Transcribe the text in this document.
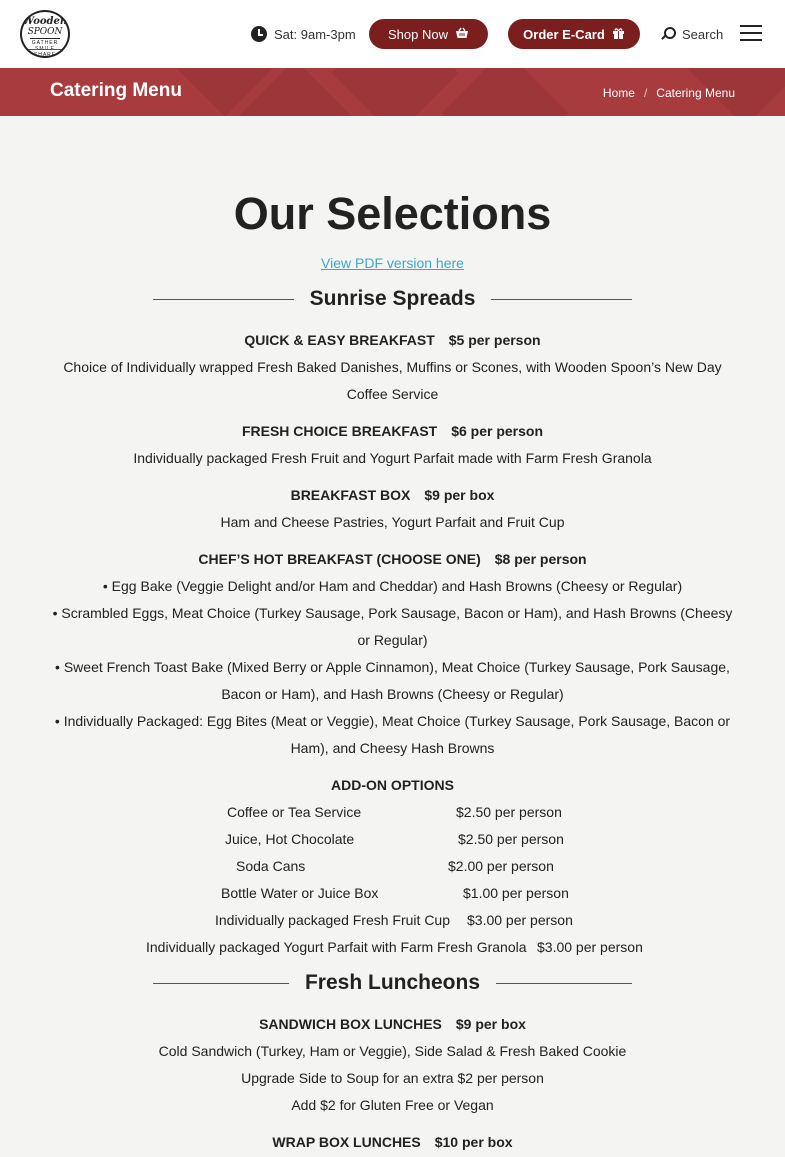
Wooden
SPOON
GATHER SHARE
Sat: 9am-3pm Shop Now	Order E-Card	Search
Catering Menu	Home / Catering Menu
Our Selections
View PDF version here
Sunrise Spreads
QUICK & EASY BREAKFAST $5 per person
Choice of Individually wrapped Fresh Baked Danishes, Muffins or Scones, with Wooden Spoon’s New Day Coffee Service
FRESH CHOICE BREAKFAST $6 per person
Individually packaged Fresh Fruit and Yogurt Parfait made with Farm Fresh Granola
BREAKFAST BOX $9 per box
Ham and Cheese Pastries, Yogurt Parfait and Fruit Cup
CHEF’S HOT BREAKFAST (CHOOSE ONE) $8 per person
• Egg Bake (Veggie Delight and/or Ham and Cheddar) and Hash Browns (Cheesy or Regular)
• Scrambled Eggs, Meat Choice (Turkey Sausage, Pork Sausage, Bacon or Ham), and Hash Browns (Cheesy or Regular)
• Sweet French Toast Bake (Mixed Berry or Apple Cinnamon), Meat Choice (Turkey Sausage, Pork Sausage, Bacon or Ham), and Hash Browns (Cheesy or Regular)
• Individually Packaged: Egg Bites (Meat or Veggie), Meat Choice (Turkey Sausage, Pork Sausage, Bacon or Ham), and Cheesy Hash Browns
ADD-ON OPTIONS
Coffee or Tea Service	$2.50 per person
Juice, Hot Chocolate	$2.50 per person
Soda Cans	$2.00 per person
Bottle Water or Juice Box	$1.00 per person
Individually packaged Fresh Fruit Cup $3.00 per person
Individually packaged Yogurt Parfait with Farm Fresh Granola $3.00 per person
Fresh Luncheons
SANDWICH BOX LUNCHES $9 per box
Cold Sandwich (Turkey, Ham or Veggie), Side Salad & Fresh Baked Cookie
Upgrade Side to Soup for an extra $2 per person
Add $2 for Gluten Free or Vegan
WRAP BOX LUNCHES $10 per box
